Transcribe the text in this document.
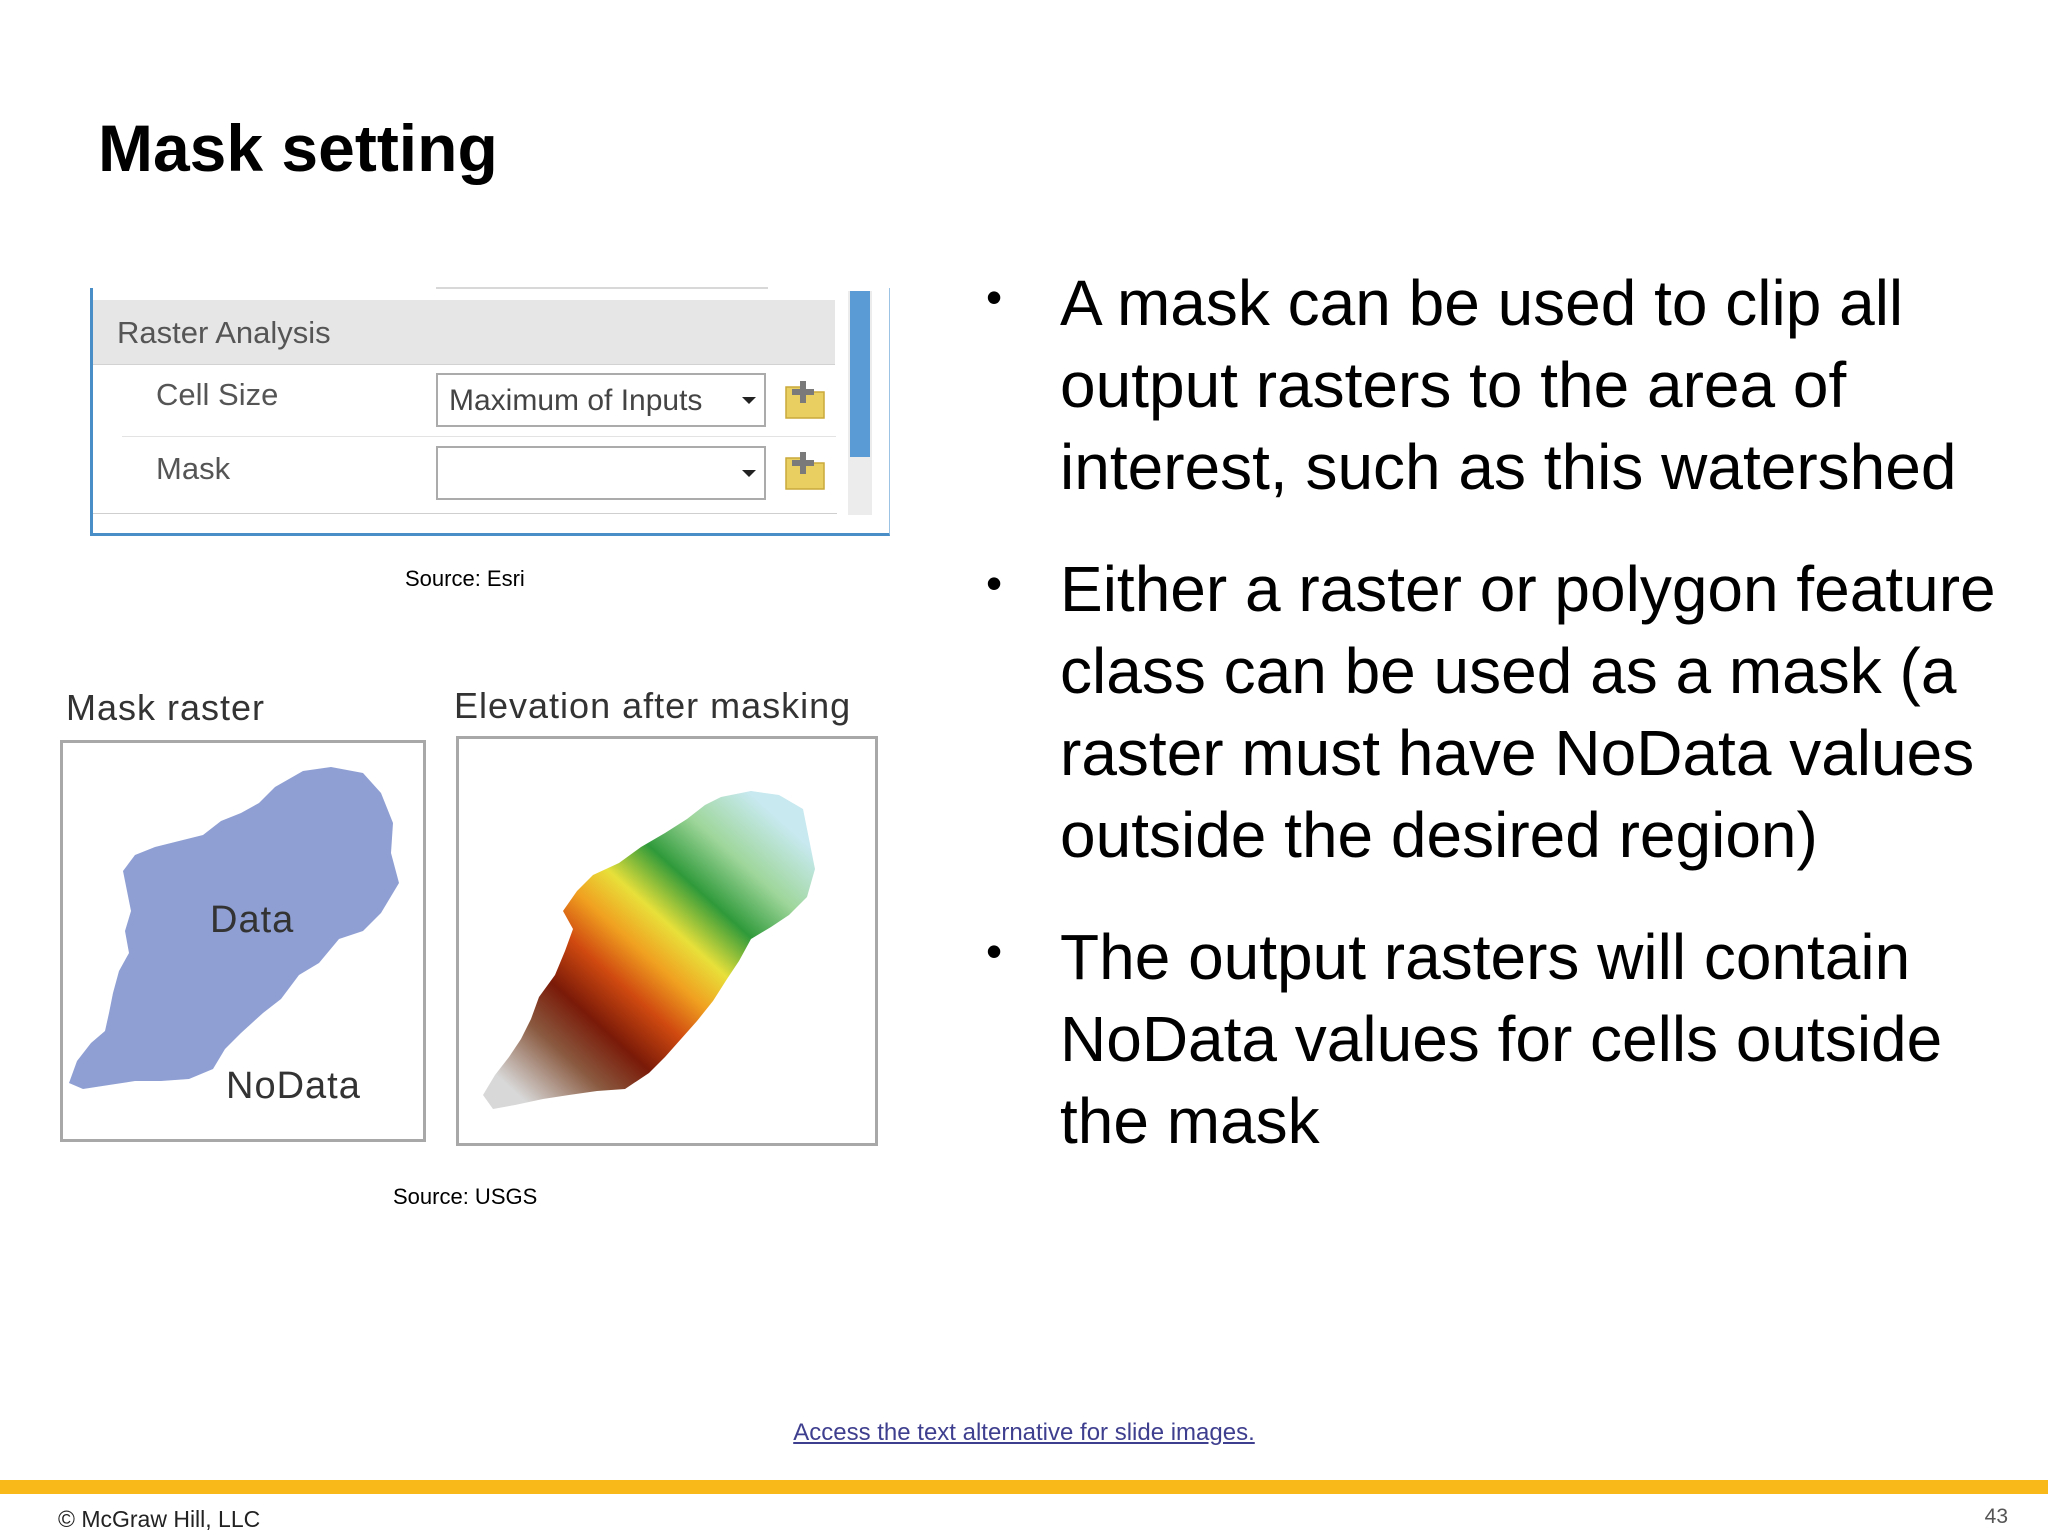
Mask setting
Raster Analysis
Cell Size	Maximum of Inputs
Mask
Source: Esri
Mask raster
Data
NoData
Elevation after masking
Source: USGS
• A mask can be used to clip all output rasters to the area of interest, such as this watershed
• Either a raster or polygon feature class can be used as a mask (a raster must have NoData values outside the desired region)
• The output rasters will contain NoData values for cells outside the mask
Access the text alternative for slide images.
© McGraw Hill, LLC	43
